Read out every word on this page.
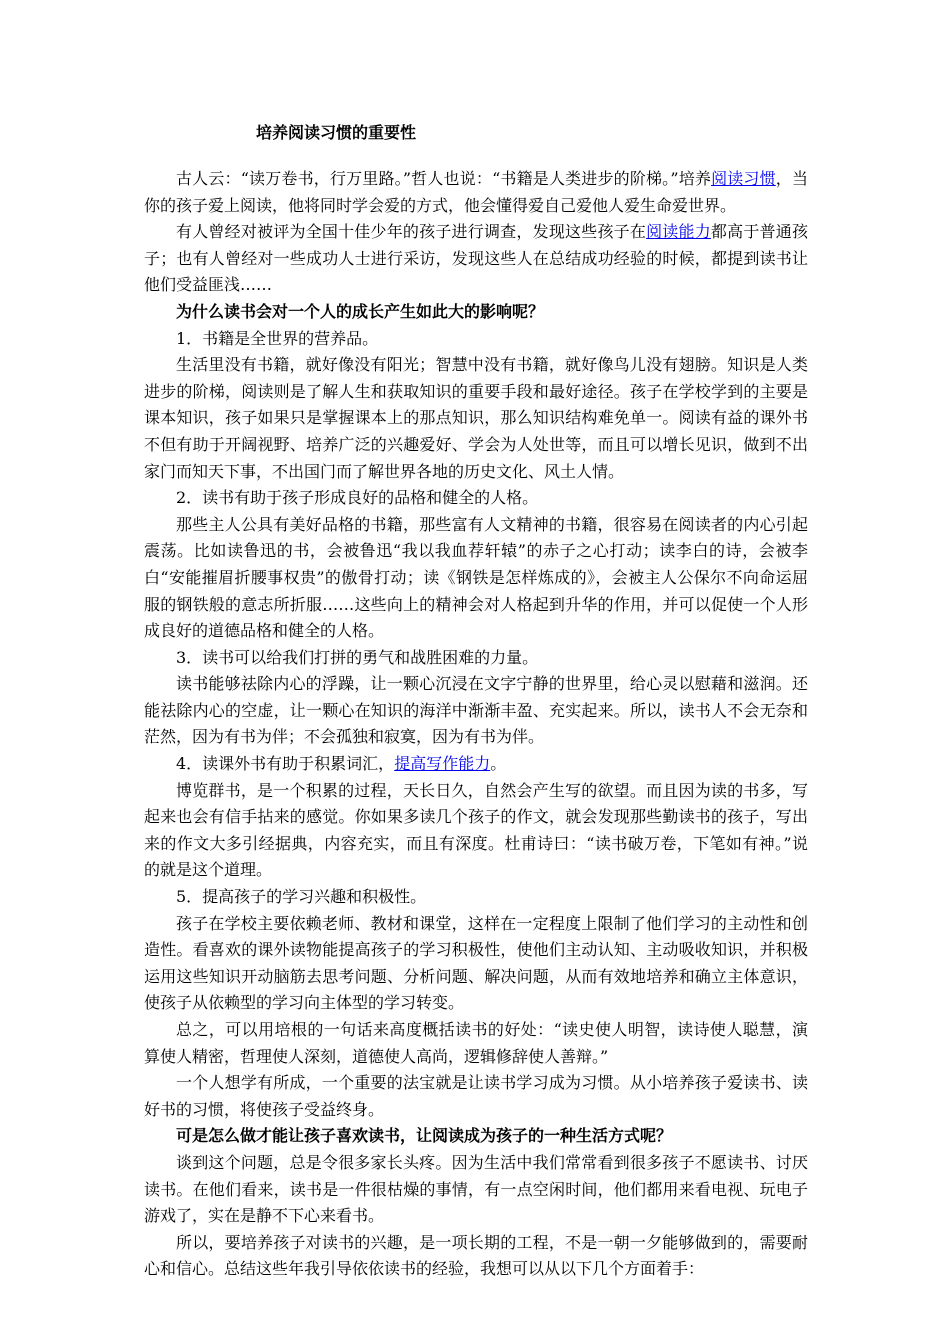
培养阅读习惯的重要性

古人云：“读万卷书，行万里路。”哲人也说：“书籍是人类进步的阶梯。”培养阅读习惯，当你的孩子爱上阅读，他将同时学会爱的方式，他会懂得爱自己爱他人爱生命爱世界。

有人曾经对被评为全国十佳少年的孩子进行调查，发现这些孩子在阅读能力都高于普通孩子；也有人曾经对一些成功人士进行采访，发现这些人在总结成功经验的时候，都提到读书让他们受益匪浅……

为什么读书会对一个人的成长产生如此大的影响呢？

1．书籍是全世界的营养品。

生活里没有书籍，就好像没有阳光；智慧中没有书籍，就好像鸟儿没有翅膀。知识是人类进步的阶梯，阅读则是了解人生和获取知识的重要手段和最好途径。孩子在学校学到的主要是课本知识，孩子如果只是掌握课本上的那点知识，那么知识结构难免单一。阅读有益的课外书不但有助于开阔视野、培养广泛的兴趣爱好、学会为人处世等，而且可以增长见识，做到不出家门而知天下事，不出国门而了解世界各地的历史文化、风土人情。

2．读书有助于孩子形成良好的品格和健全的人格。

那些主人公具有美好品格的书籍，那些富有人文精神的书籍，很容易在阅读者的内心引起震荡。比如读鲁迅的书，会被鲁迅“我以我血荐轩辕”的赤子之心打动；读李白的诗，会被李白“安能摧眉折腰事权贵”的傲骨打动；读《钢铁是怎样炼成的》，会被主人公保尔不向命运屈服的钢铁般的意志所折服……这些向上的精神会对人格起到升华的作用，并可以促使一个人形成良好的道德品格和健全的人格。

3．读书可以给我们打拼的勇气和战胜困难的力量。

读书能够祛除内心的浮躁，让一颗心沉浸在文字宁静的世界里，给心灵以慰藉和滋润。还能祛除内心的空虚，让一颗心在知识的海洋中渐渐丰盈、充实起来。所以，读书人不会无奈和茫然，因为有书为伴；不会孤独和寂寞，因为有书为伴。

4．读课外书有助于积累词汇，提高写作能力。

博览群书，是一个积累的过程，天长日久，自然会产生写的欲望。而且因为读的书多，写起来也会有信手拈来的感觉。你如果多读几个孩子的作文，就会发现那些勤读书的孩子，写出来的作文大多引经据典，内容充实，而且有深度。杜甫诗曰：“读书破万卷，下笔如有神。”说的就是这个道理。

5．提高孩子的学习兴趣和积极性。

孩子在学校主要依赖老师、教材和课堂，这样在一定程度上限制了他们学习的主动性和创造性。看喜欢的课外读物能提高孩子的学习积极性，使他们主动认知、主动吸收知识，并积极运用这些知识开动脑筋去思考问题、分析问题、解决问题，从而有效地培养和确立主体意识，使孩子从依赖型的学习向主体型的学习转变。

总之，可以用培根的一句话来高度概括读书的好处：“读史使人明智，读诗使人聪慧，演算使人精密，哲理使人深刻，道德使人高尚，逻辑修辞使人善辩。”

一个人想学有所成，一个重要的法宝就是让读书学习成为习惯。从小培养孩子爱读书、读好书的习惯，将使孩子受益终身。

可是怎么做才能让孩子喜欢读书，让阅读成为孩子的一种生活方式呢？

谈到这个问题，总是令很多家长头疼。因为生活中我们常常看到很多孩子不愿读书、讨厌读书。在他们看来，读书是一件很枯燥的事情，有一点空闲时间，他们都用来看电视、玩电子游戏了，实在是静不下心来看书。

所以，要培养孩子对读书的兴趣，是一项长期的工程，不是一朝一夕能够做到的，需要耐心和信心。总结这些年我引导依依读书的经验，我想可以从以下几个方面着手：
